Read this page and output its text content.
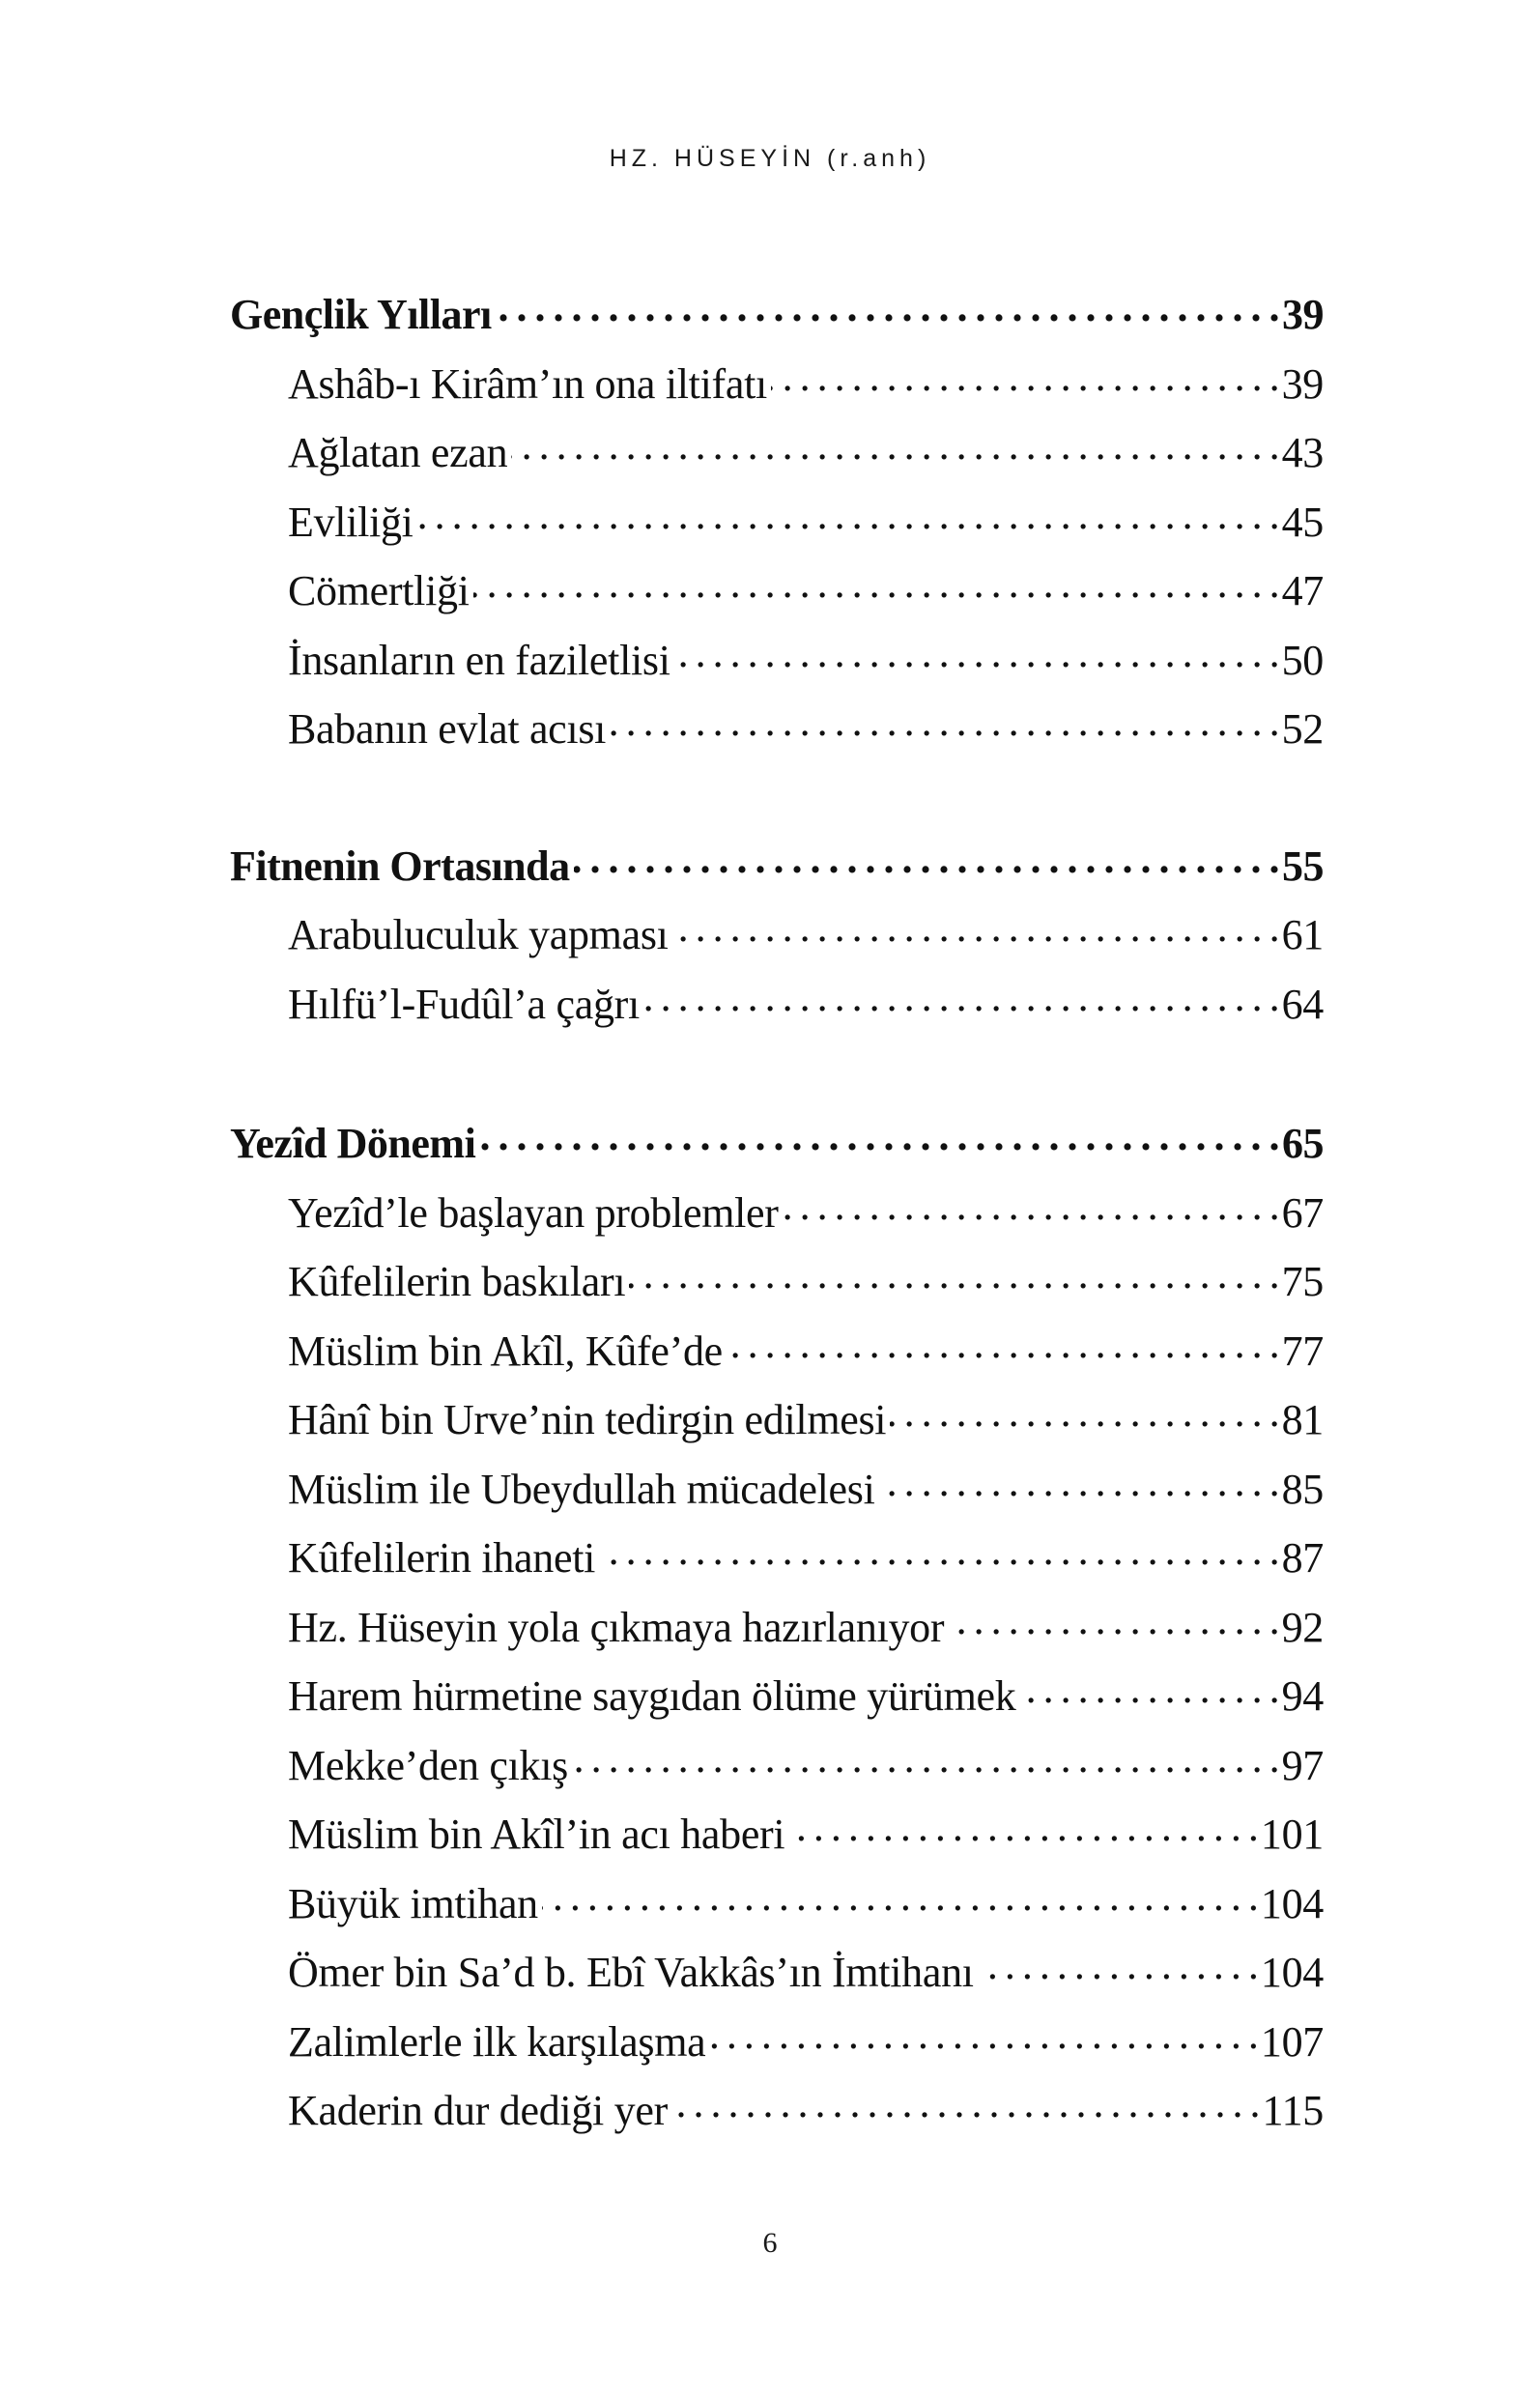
HZ. HÜSEYİN (r.anh)
Gençlik Yılları . . .	39
Ashâb-ı Kirâm’ın ona iltifatı . . .	39
Ağlatan ezan . . .	43
Evliliği . . .	45
Cömertliği . . .	47
İnsanların en faziletlisi . . .	50
Babanın evlat acısı . . .	52
Fitnenin Ortasında . . .	55
Arabuluculuk yapması . . .	61
Hılfü’l-Fudûl’a çağrı . . .	64
Yezîd Dönemi . . .	65
Yezîd’le başlayan problemler . . .	67
Kûfelilerin baskıları . . .	75
Müslim bin Akîl, Kûfe’de . . .	77
Hânî bin Urve’nin tedirgin edilmesi . . .	81
Müslim ile Ubeydullah mücadelesi . . .	85
Kûfelilerin ihaneti . . .	87
Hz. Hüseyin yola çıkmaya hazırlanıyor . . .	92
Harem hürmetine saygıdan ölüme yürümek . . .	94
Mekke’den çıkış . . .	97
Müslim bin Akîl’in acı haberi . . .	101
Büyük imtihan . . .	104
Ömer bin Sa’d b. Ebî Vakkâs’ın İmtihanı . . .	104
Zalimlerle ilk karşılaşma . . .	107
Kaderin dur dediği yer . . .	115
6
